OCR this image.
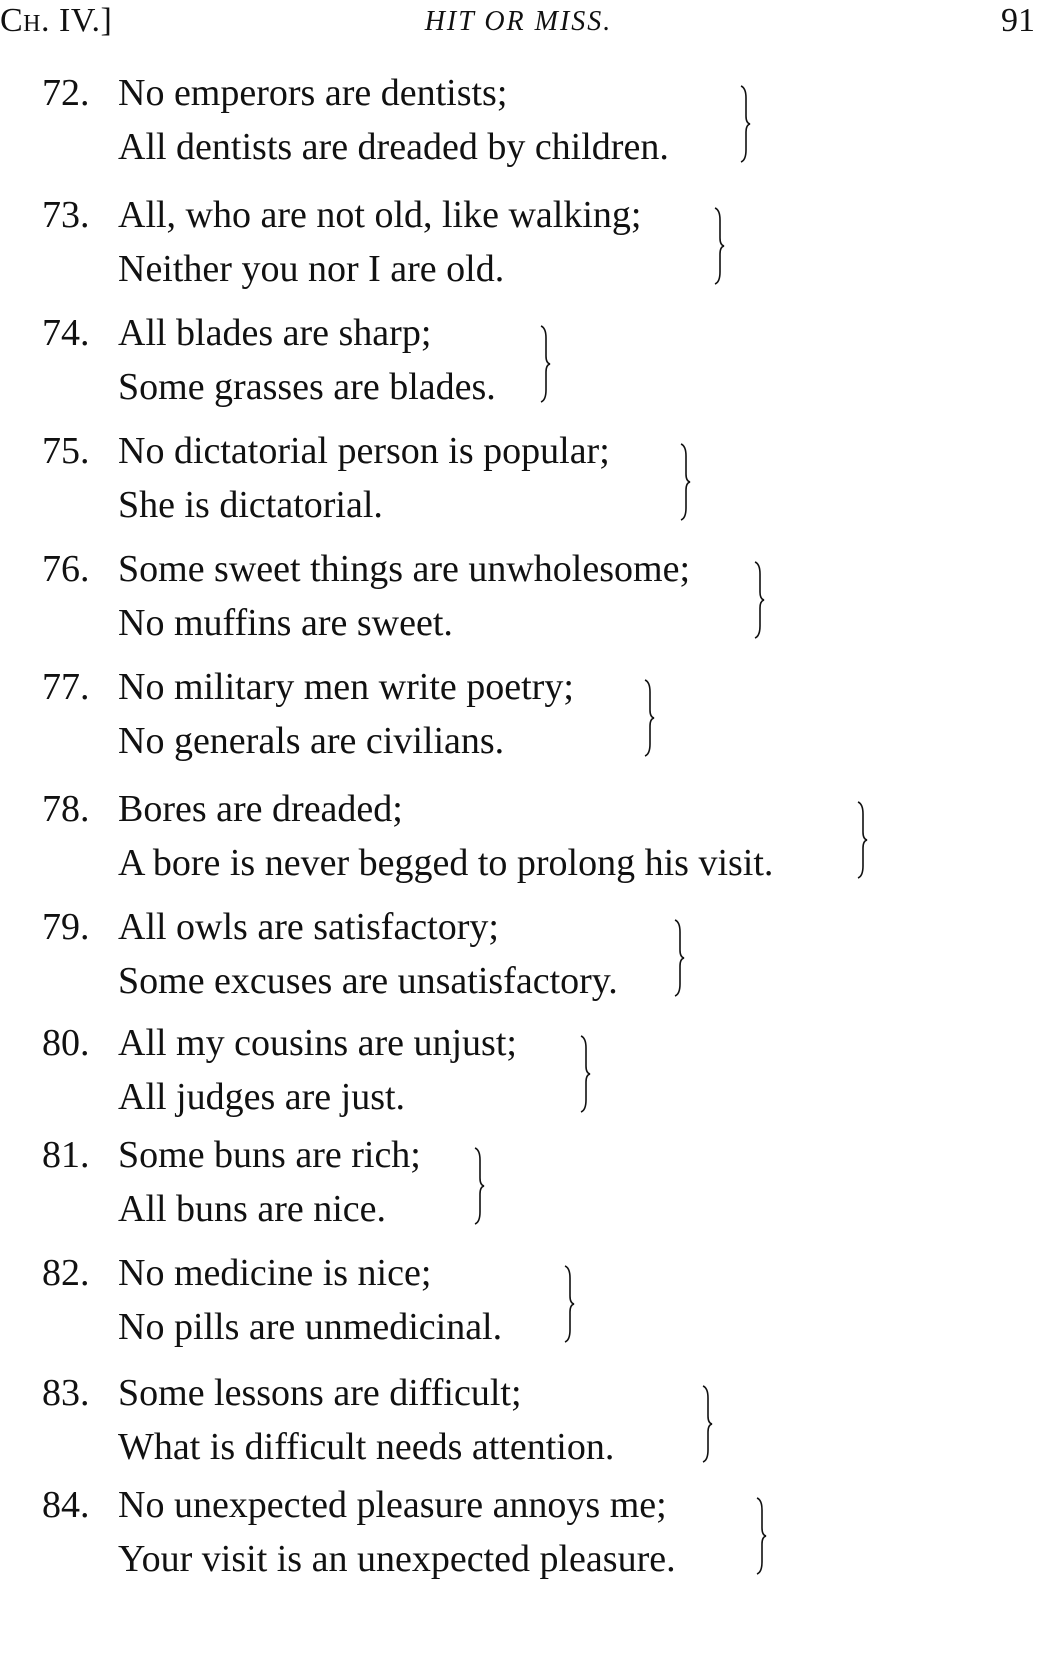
Ch. IV.]	HIT OR MISS.	91
72. No emperors are dentists;
All dentists are dreaded by children.
73. All, who are not old, like walking;
Neither you nor I are old.
74. All blades are sharp;
Some grasses are blades.
75. No dictatorial person is popular;
She is dictatorial.
76. Some sweet things are unwholesome;
No muffins are sweet.
77. No military men write poetry;
No generals are civilians.
78. Bores are dreaded;
A bore is never begged to prolong his visit.
79. All owls are satisfactory;
Some excuses are unsatisfactory.
80. All my cousins are unjust;
All judges are just.
81. Some buns are rich;
All buns are nice.
82. No medicine is nice;
No pills are unmedicinal.
83. Some lessons are difficult;
What is difficult needs attention.
84. No unexpected pleasure annoys me;
Your visit is an unexpected pleasure.
